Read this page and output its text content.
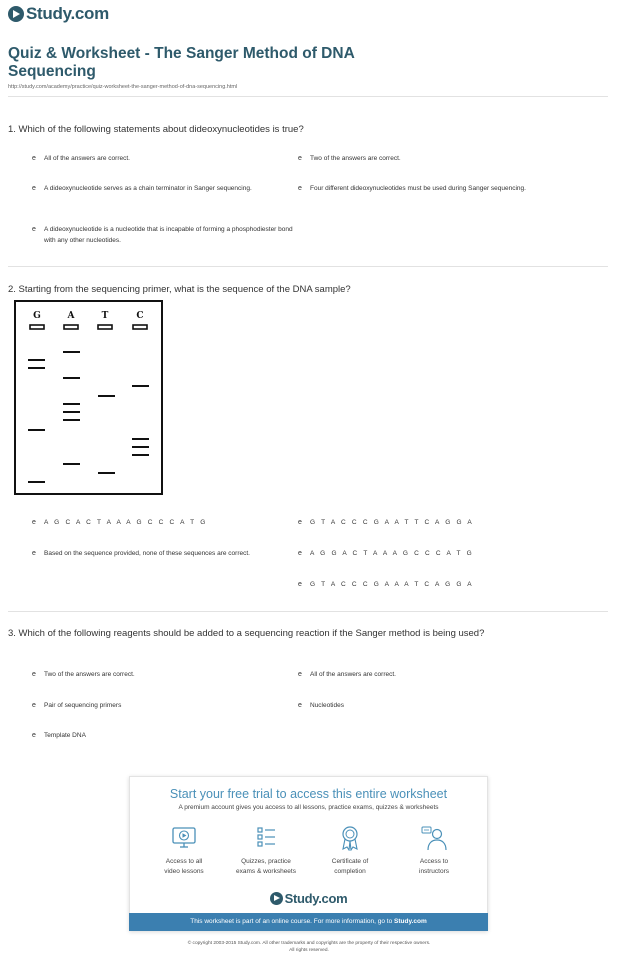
Study.com
Quiz & Worksheet - The Sanger Method of DNA Sequencing
http://study.com/academy/practice/quiz-worksheet-the-sanger-method-of-dna-sequencing.html
1. Which of the following statements about dideoxynucleotides is true?
e	All of the answers are correct.	e	Two of the answers are correct.
e	A dideoxynucleotide serves as a chain terminator in Sanger sequencing.	e	Four different dideoxynucleotides must be used during Sanger sequencing.
e	A dideoxynucleotide is a nucleotide that is incapable of forming a phosphodiester bond with any other nucleotides.
2. Starting from the sequencing primer, what is the sequence of the DNA sample?
G	A	T	C
e	A G C A C T A A A G C C C A T G	e	G T A C C C G A A T T C A G G A
e	Based on the sequence provided, none of these sequences are correct.	e	A G G A C T A A A G C C C A T G
e	G T A C C C G A A A T C A G G A
3. Which of the following reagents should be added to a sequencing reaction if the Sanger method is being used?
e	Two of the answers are correct.	e	All of the answers are correct.
e	Pair of sequencing primers	e	Nucleotides
e	Template DNA
Start your free trial to access this entire worksheet
A premium account gives you access to all lessons, practice exams, quizzes & worksheets
Access to all
video lessons
Quizzes, practice
exams & worksheets
Certificate of
completion
Access to
instructors
Study.com
This worksheet is part of an online course. For more information, go to Study.com
© copyright 2003-2015 Study.com. All other trademarks and copyrights are the property of their respective owners.
All rights reserved.
